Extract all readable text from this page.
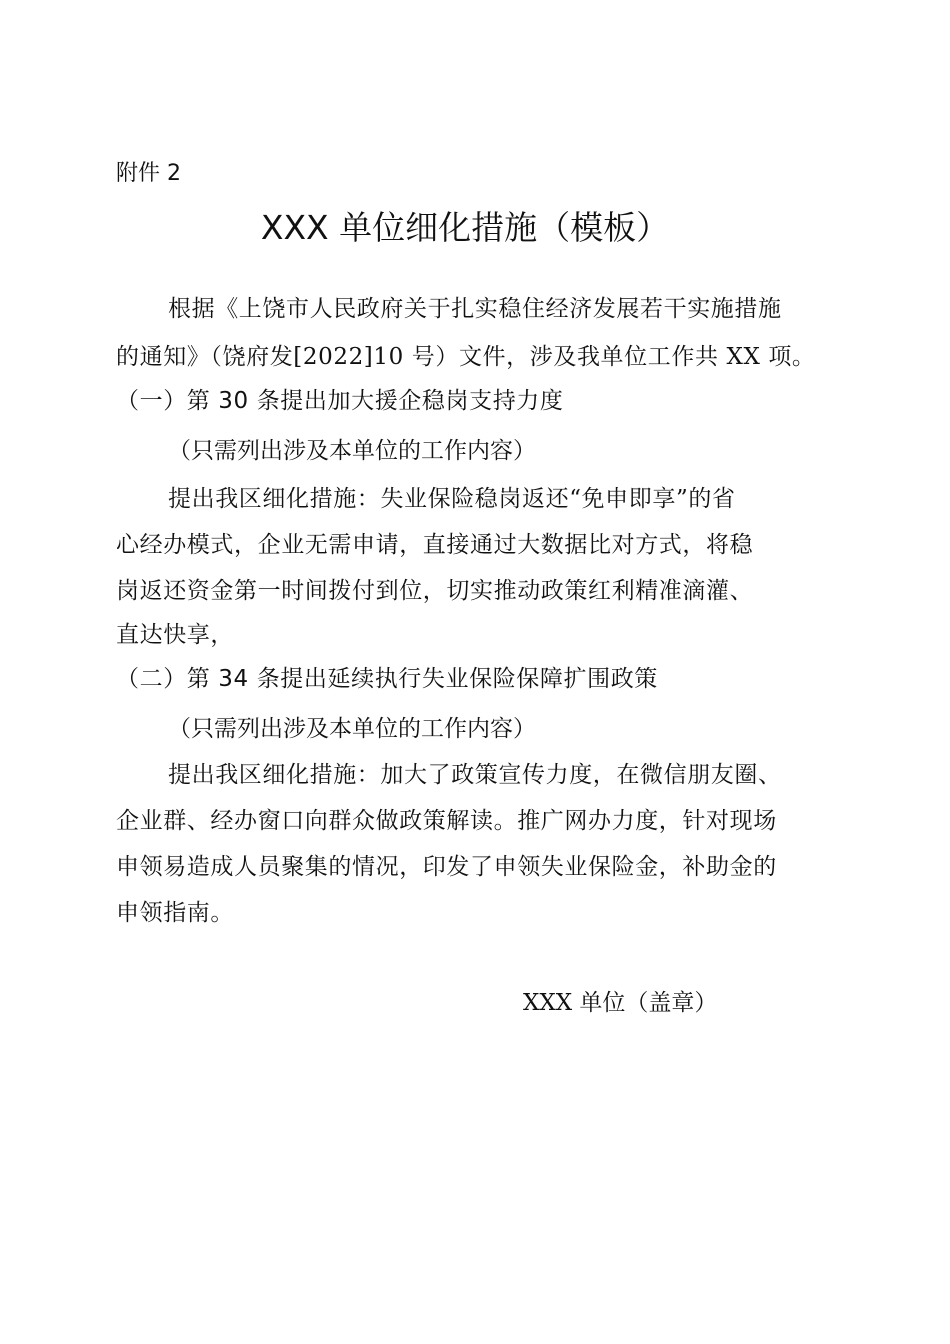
附件 2
XXX 单位细化措施（模板）
根据《上饶市人民政府关于扎实稳住经济发展若干实施措施
的通知》（饶府发[2022]10 号）文件，涉及我单位工作共 XX 项。
（一）第 30 条提出加大援企稳岗支持力度
（只需列出涉及本单位的工作内容）
提出我区细化措施：失业保险稳岗返还“免申即享”的省
心经办模式，企业无需申请，直接通过大数据比对方式，将稳
岗返还资金第一时间拨付到位，切实推动政策红利精准滴灌、
直达快享，
（二）第 34 条提出延续执行失业保险保障扩围政策
（只需列出涉及本单位的工作内容）
提出我区细化措施：加大了政策宣传力度，在微信朋友圈、
企业群、经办窗口向群众做政策解读。推广网办力度，针对现场
申领易造成人员聚集的情况，印发了申领失业保险金，补助金的
申领指南。
XXX 单位（盖章）
